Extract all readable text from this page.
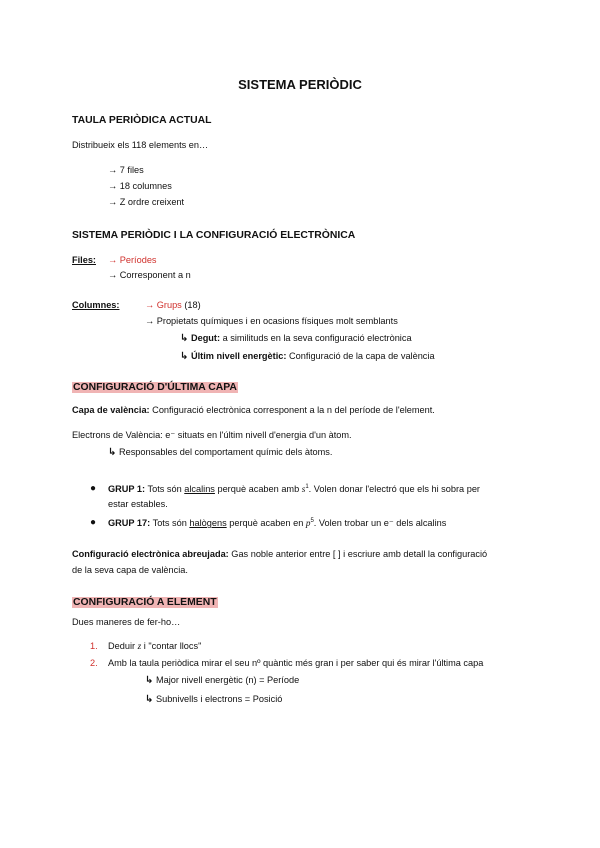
SISTEMA PERIÒDIC
TAULA PERIÒDICA ACTUAL
Distribueix els 118 elements en…
→ 7 files
→ 18 columnes
→ Z ordre creixent
SISTEMA PERIÒDIC I LA CONFIGURACIÓ ELECTRÒNICA
Files: → Períodes
→ Corresponent a n
Columnes:	→ Grups (18)
→ Propietats químiques i en ocasions físiques molt semblants
↳ Degut: a similituds en la seva configuració electrònica
↳ Últim nivell energètic: Configuració de la capa de valència
CONFIGURACIÓ D'ÚLTIMA CAPA
Capa de valència: Configuració electrònica corresponent a la n del període de l'element.
Electrons de València: e⁻ situats en l'últim nivell d'energia d'un àtom.
↳ Responsables del comportament químic dels àtoms.
● GRUP 1: Tots són alcalins perquè acaben amb $s^1$. Volen donar l'electró que els hi sobra per
estar estables.
● GRUP 17: Tots són halògens perquè acaben en $p^5$. Volen trobar un e⁻ dels alcalins
Configuració electrònica abreujada: Gas noble anterior entre [ ] i escriure amb detall la configuració
de la seva capa de valència.
CONFIGURACIÓ A ELEMENT
Dues maneres de fer-ho…
1. Deduir z i "contar llocs"
2. Amb la taula periòdica mirar el seu nº quàntic més gran i per saber qui és mirar l'última capa
↳ Major nivell energètic (n) = Període
↳ Subnivells i electrons = Posició
